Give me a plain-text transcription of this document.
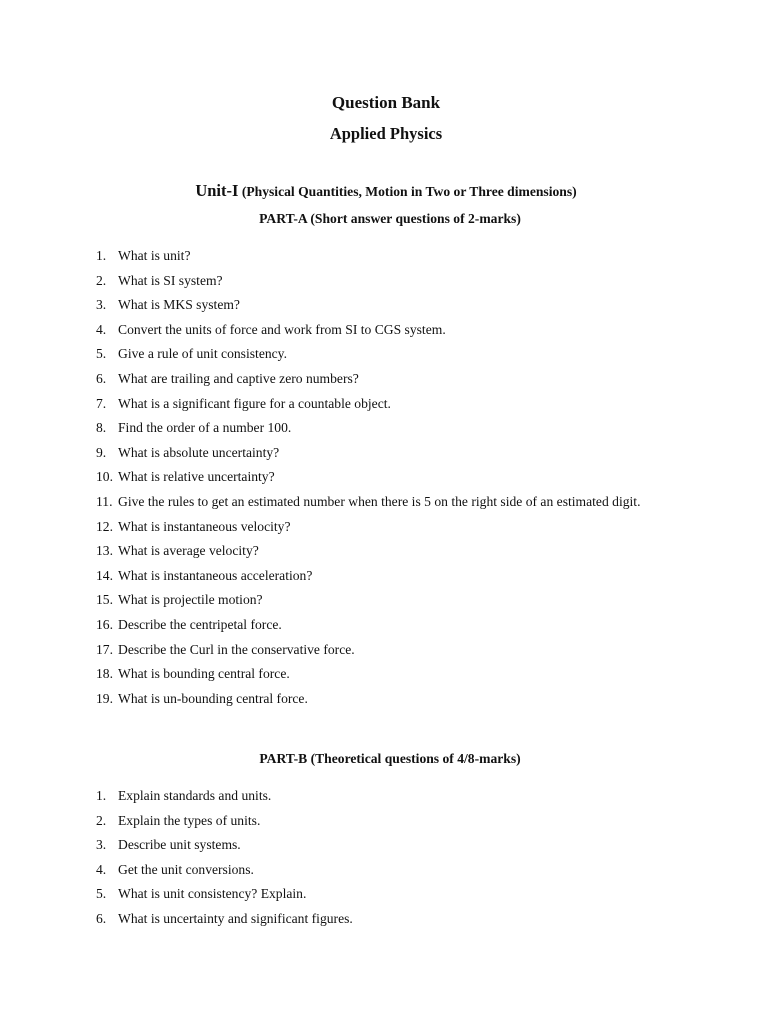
Question Bank
Applied Physics
Unit-I (Physical Quantities, Motion in Two or Three dimensions)
PART-A (Short answer questions of 2-marks)
1. What is unit?
2. What is SI system?
3. What is MKS system?
4. Convert the units of force and work from SI to CGS system.
5. Give a rule of unit consistency.
6. What are trailing and captive zero numbers?
7. What is a significant figure for a countable object.
8. Find the order of a number 100.
9. What is absolute uncertainty?
10. What is relative uncertainty?
11. Give the rules to get an estimated number when there is 5 on the right side of an estimated digit.
12. What is instantaneous velocity?
13. What is average velocity?
14. What is instantaneous acceleration?
15. What is projectile motion?
16. Describe the centripetal force.
17. Describe the Curl in the conservative force.
18. What is bounding central force.
19. What is un-bounding central force.
PART-B (Theoretical questions of 4/8-marks)
1. Explain standards and units.
2. Explain the types of units.
3. Describe unit systems.
4. Get the unit conversions.
5. What is unit consistency? Explain.
6. What is uncertainty and significant figures.
